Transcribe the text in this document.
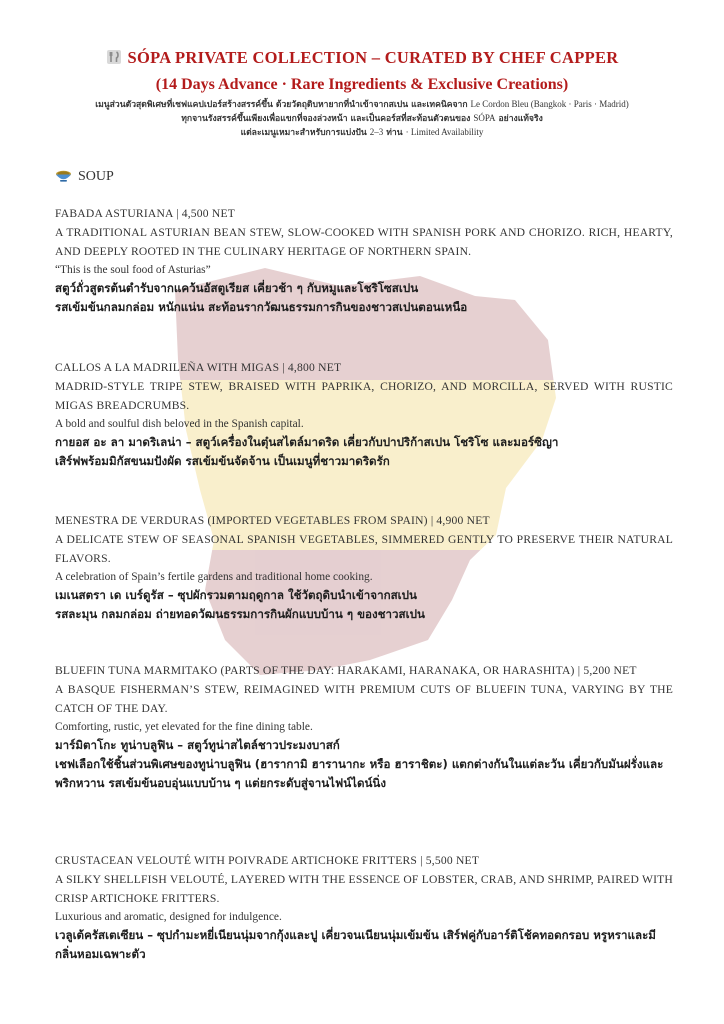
SÓPA PRIVATE COLLECTION – CURATED BY CHEF CAPPER
(14 Days Advance · Rare Ingredients & Exclusive Creations)
เมนูส่วนตัวสุดพิเศษที่เชฟแคปเปอร์สร้างสรรค์ขึ้น ด้วยวัตถุดิบหายากที่นำเข้าจากสเปน และเทคนิคจาก Le Cordon Bleu (Bangkok · Paris · Madrid)
ทุกจานรังสรรค์ขึ้นเพียงเพื่อแขกที่จองล่วงหน้า และเป็นคอร์สที่สะท้อนตัวตนของ SÓPA อย่างแท้จริง
แต่ละเมนูเหมาะสำหรับการแบ่งปัน 2–3 ท่าน · Limited Availability
SOUP
FABADA ASTURIANA | 4,500 NET
A TRADITIONAL ASTURIAN BEAN STEW, SLOW-COOKED WITH SPANISH PORK AND CHORIZO. RICH, HEARTY, AND DEEPLY ROOTED IN THE CULINARY HERITAGE OF NORTHERN SPAIN.
“This is the soul food of Asturias”
สตูว์ถั่วสูตรต้นตำรับจากแคว้นอัสตูเรียส เคี่ยวช้า ๆ กับหมูและโชริโซสเปน
รสเข้มข้นกลมกล่อม หนักแน่น สะท้อนรากวัฒนธรรมการกินของชาวสเปนตอนเหนือ
CALLOS A LA MADRILEÑA WITH MIGAS | 4,800 NET
MADRID-STYLE TRIPE STEW, BRAISED WITH PAPRIKA, CHORIZO, AND MORCILLA, SERVED WITH RUSTIC MIGAS BREADCRUMBS.
A bold and soulful dish beloved in the Spanish capital.
กายอส อะ ลา มาดริเลน่า – สตูว์เครื่องในตุ๋นสไตล์มาดริด เคี่ยวกับปาปริก้าสเปน โชริโซ และมอร์ซิญา
เสิร์ฟพร้อมมิกัสขนมปังผัด รสเข้มข้นจัดจ้าน เป็นเมนูที่ชาวมาดริดรัก
MENESTRA DE VERDURAS (IMPORTED VEGETABLES FROM SPAIN) | 4,900 NET
A DELICATE STEW OF SEASONAL SPANISH VEGETABLES, SIMMERED GENTLY TO PRESERVE THEIR NATURAL FLAVORS.
A celebration of Spain’s fertile gardens and traditional home cooking.
เมเนสตรา เด เบร์ดูรัส – ซุปผักรวมตามฤดูกาล ใช้วัตถุดิบนำเข้าจากสเปน
รสละมุน กลมกล่อม ถ่ายทอดวัฒนธรรมการกินผักแบบบ้าน ๆ ของชาวสเปน
BLUEFIN TUNA MARMITAKO (PARTS OF THE DAY: HARAKAMI, HARANAKA, OR HARASHITA) | 5,200 NET
A BASQUE FISHERMAN’S STEW, REIMAGINED WITH PREMIUM CUTS OF BLUEFIN TUNA, VARYING BY THE CATCH OF THE DAY.
Comforting, rustic, yet elevated for the fine dining table.
มาร์มิตาโกะ ทูน่าบลูฟิน – สตูว์ทูน่าสไตล์ชาวประมงบาสก์
เชฟเลือกใช้ชิ้นส่วนพิเศษของทูน่าบลูฟิน (ฮารากามิ ฮารานากะ หรือ ฮาราชิตะ) แตกต่างกันในแต่ละวัน เคี่ยวกับมันฝรั่งและพริกหวาน รสเข้มข้นอบอุ่นแบบบ้าน ๆ แต่ยกระดับสู่จานไฟน์ไดน์นิ่ง
CRUSTACEAN VELOUTÉ WITH POIVRADE ARTICHOKE FRITTERS | 5,500 NET
A SILKY SHELLFISH VELOUTÉ, LAYERED WITH THE ESSENCE OF LOBSTER, CRAB, AND SHRIMP, PAIRED WITH CRISP ARTICHOKE FRITTERS.
Luxurious and aromatic, designed for indulgence.
เวลูเต้ครัสเตเซียน – ซุปกำมะหยี่เนียนนุ่มจากกุ้งและปู เคี่ยวจนเนียนนุ่มเข้มข้น เสิร์ฟคู่กับอาร์ติโช้คทอดกรอบ หรูหราและมีกลิ่นหอมเฉพาะตัว
